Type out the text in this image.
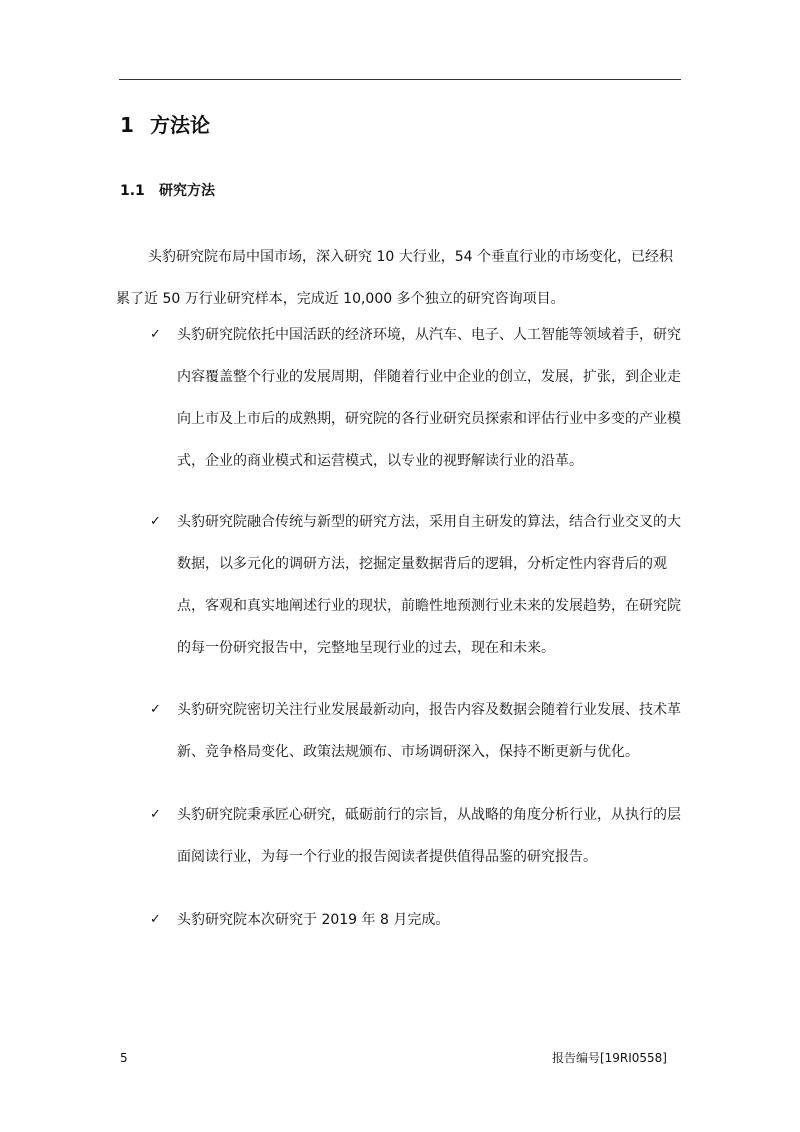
1 方法论
1.1 研究方法

头豹研究院布局中国市场，深入研究 10 大行业，54 个垂直行业的市场变化，已经积累了近 50 万行业研究样本，完成近 10,000 多个独立的研究咨询项目。

✓	头豹研究院依托中国活跃的经济环境，从汽车、电子、人工智能等领域着手，研究内容覆盖整个行业的发展周期，伴随着行业中企业的创立，发展，扩张，到企业走向上市及上市后的成熟期，研究院的各行业研究员探索和评估行业中多变的产业模式，企业的商业模式和运营模式，以专业的视野解读行业的沿革。
✓	头豹研究院融合传统与新型的研究方法，采用自主研发的算法，结合行业交叉的大数据，以多元化的调研方法，挖掘定量数据背后的逻辑，分析定性内容背后的观点，客观和真实地阐述行业的现状，前瞻性地预测行业未来的发展趋势，在研究院的每一份研究报告中，完整地呈现行业的过去，现在和未来。
✓	头豹研究院密切关注行业发展最新动向，报告内容及数据会随着行业发展、技术革新、竞争格局变化、政策法规颁布、市场调研深入，保持不断更新与优化。
✓	头豹研究院秉承匠心研究，砥砺前行的宗旨，从战略的角度分析行业，从执行的层面阅读行业，为每一个行业的报告阅读者提供值得品鉴的研究报告。
✓	头豹研究院本次研究于 2019 年 8 月完成。
5	报告编号[19RI0558]
